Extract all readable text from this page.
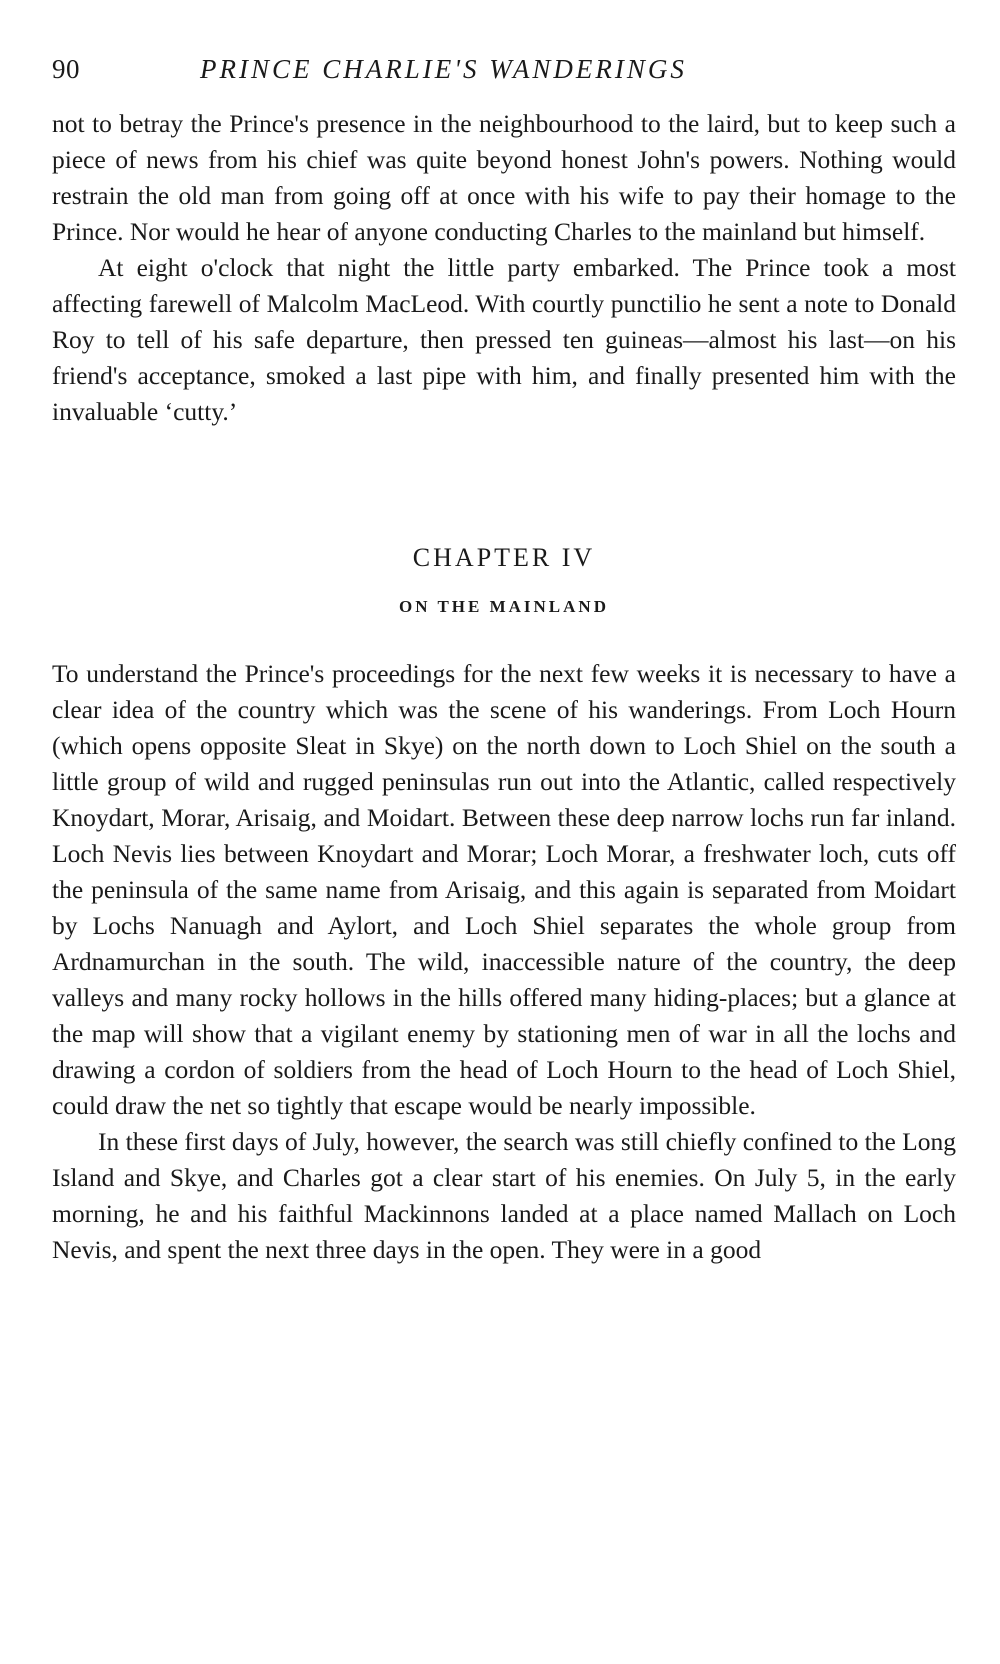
90	PRINCE CHARLIE'S WANDERINGS

not to betray the Prince's presence in the neighbourhood to the laird, but to keep such a piece of news from his chief was quite beyond honest John's powers. Nothing would restrain the old man from going off at once with his wife to pay their homage to the Prince. Nor would he hear of anyone conducting Charles to the mainland but himself.

At eight o'clock that night the little party embarked. The Prince took a most affecting farewell of Malcolm MacLeod. With courtly punctilio he sent a note to Donald Roy to tell of his safe departure, then pressed ten guineas—almost his last—on his friend's acceptance, smoked a last pipe with him, and finally presented him with the invaluable ‘cutty.’

CHAPTER IV
ON THE MAINLAND

To understand the Prince's proceedings for the next few weeks it is necessary to have a clear idea of the country which was the scene of his wanderings. From Loch Hourn (which opens opposite Sleat in Skye) on the north down to Loch Shiel on the south a little group of wild and rugged peninsulas run out into the Atlantic, called respectively Knoydart, Morar, Arisaig, and Moidart. Between these deep narrow lochs run far inland. Loch Nevis lies between Knoydart and Morar; Loch Morar, a freshwater loch, cuts off the peninsula of the same name from Arisaig, and this again is separated from Moidart by Lochs Nanuagh and Aylort, and Loch Shiel separates the whole group from Ardnamurchan in the south. The wild, inaccessible nature of the country, the deep valleys and many rocky hollows in the hills offered many hiding-places; but a glance at the map will show that a vigilant enemy by stationing men of war in all the lochs and drawing a cordon of soldiers from the head of Loch Hourn to the head of Loch Shiel, could draw the net so tightly that escape would be nearly impossible.

In these first days of July, however, the search was still chiefly confined to the Long Island and Skye, and Charles got a clear start of his enemies. On July 5, in the early morning, he and his faithful Mackinnons landed at a place named Mallach on Loch Nevis, and spent the next three days in the open. They were in a good
